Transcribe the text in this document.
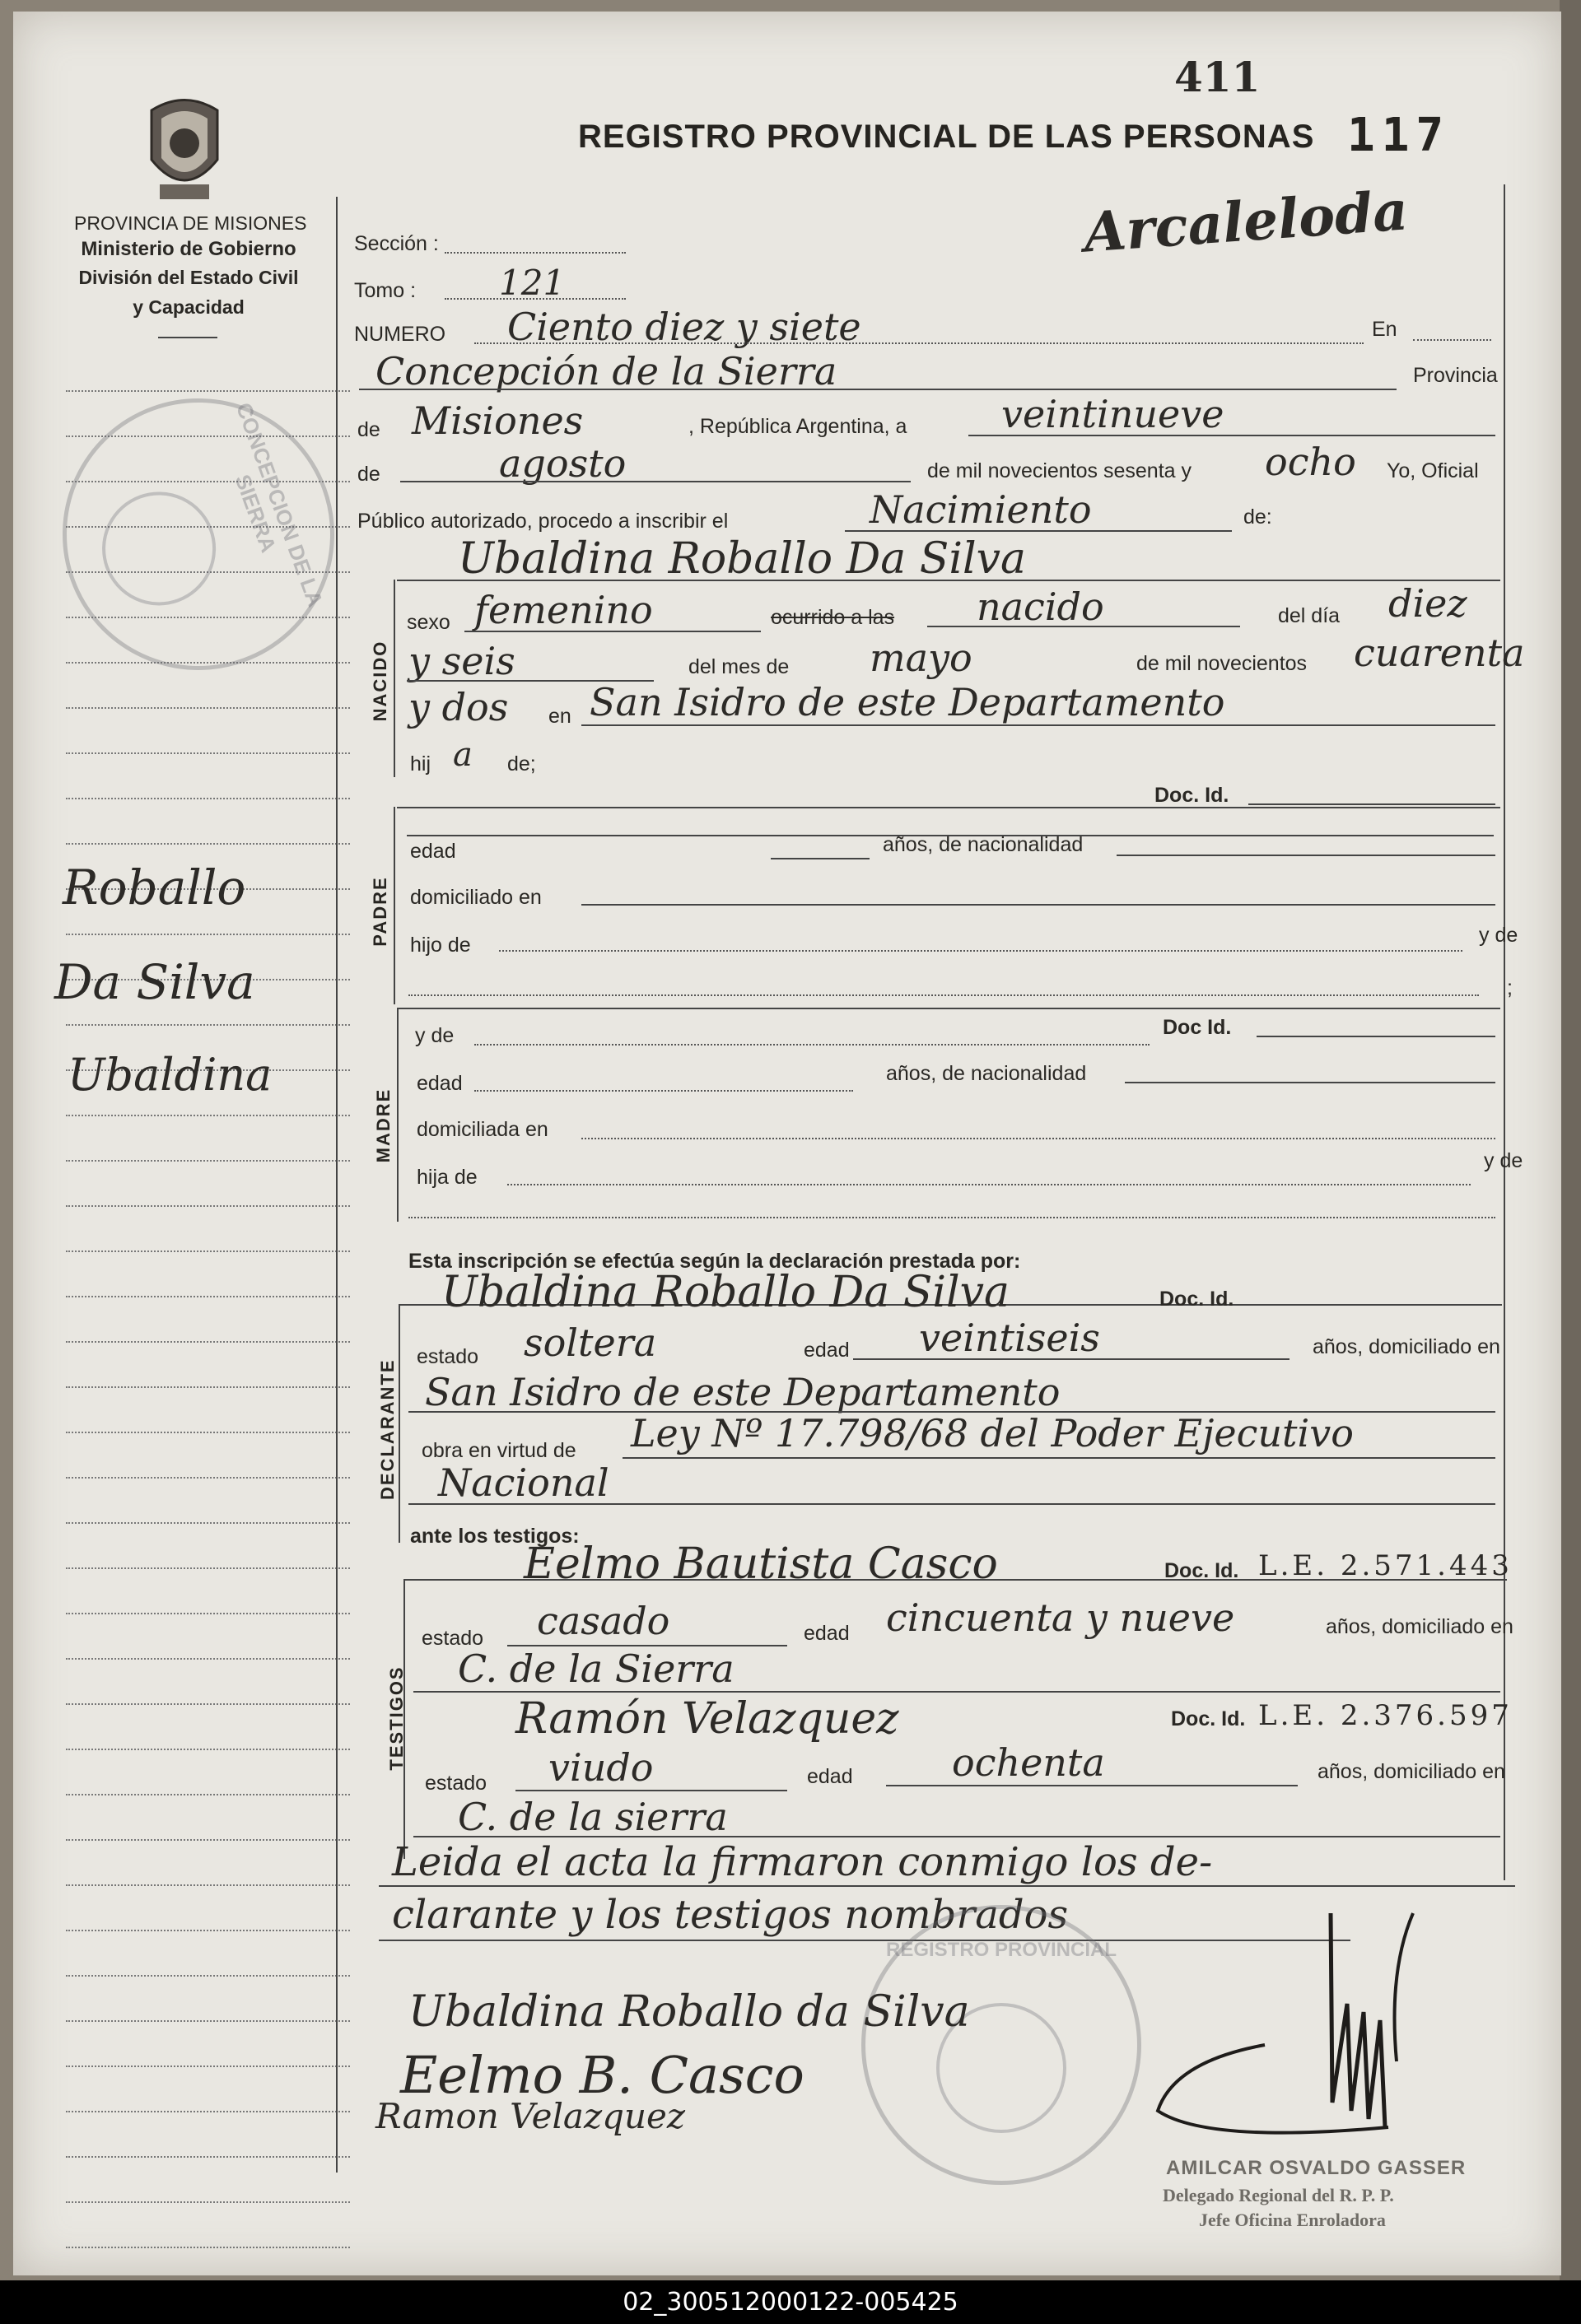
PROVINCIA DE MISIONES
Ministerio de Gobierno
División del Estado Civil
y Capacidad
REGISTRO PROVINCIAL DE LAS PERSONAS 117
411
Arcaleloda
Roballo
Da Silva
Ubaldina
CONCEPCION DE LA SIERRA
Sección :
Tomo : 121
NUMERO Ciento diez y siete	En
Concepción de la Sierra	Provincia
de Misiones	, República Argentina, a veintinueve
de	agosto	de mil novecientos sesenta y ocho Yo, Oficial
Público autorizado, procedo a inscribir el	Nacimiento	de:
Ubaldina Roballo Da Silva
NACIDO
sexo femenino	ocurrido a las nacido	del día diez
y seis	del mes de mayo	de mil novecientos cuarenta
y dos en San Isidro de este Departamento
hij a de;
Doc. Id.
PADRE
edad	años, de nacionalidad
domiciliado en
hijo de	y de
;
MADRE
y de	Doc Id.
edad	años, de nacionalidad
domiciliada en
hija de
y de
Esta inscripción se efectúa según la declaración prestada por:
DECLARANTE
Ubaldina Roballo Da Silva	Doc. Id.
estado soltera	edad veintiseis	años, domiciliado en
San Isidro de este Departamento
obra en virtud de Ley Nº 17.798/68 del Poder Ejecutivo
Nacional
ante los testigos:
TESTIGOS
Eelmo Bautista Casco	Doc. Id. L.E. 2.571.443
estado casado	edad cincuenta y nueve	años, domiciliado en
C. de la Sierra
Ramón Velazquez	Doc. Id. L.E. 2.376.597
estado viudo	edad	ochenta	años, domiciliado en
C. de la sierra
Leida el acta la firmaron conmigo los de-
clarante y los testigos nombrados
REGISTRO PROVINCIAL
Ubaldina Roballo da Silva
Eelmo B. Casco
Ramon Velazquez
AMILCAR OSVALDO GASSER
Delegado Regional del R. P. P.
Jefe Oficina Enroladora
02_300512000122-005425
